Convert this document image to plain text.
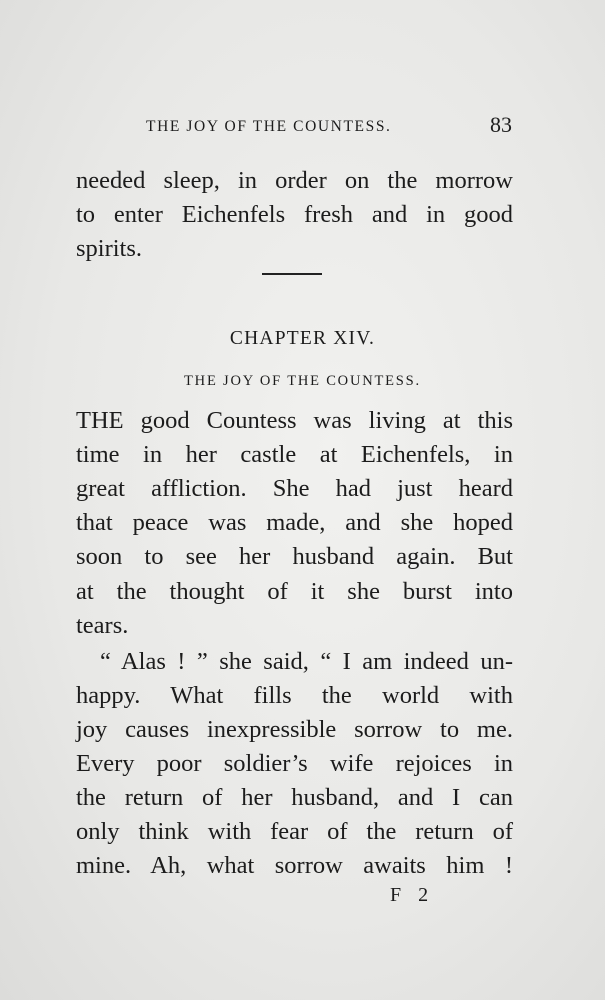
THE JOY OF THE COUNTESS.	83

needed sleep, in order on the morrow

to enter Eichenfels fresh and in good

spirits.

CHAPTER XIV.
THE JOY OF THE COUNTESS.

THE good Countess was living at this

time in her castle at Eichenfels, in

great affliction. She had just heard

that peace was made, and she hoped

soon to see her husband again. But

at the thought of it she burst into

tears.

“ Alas ! ” she said, “ I am indeed un-

happy. What fills the world with

joy causes inexpressible sorrow to me.

Every poor soldier’s wife rejoices in

the return of her husband, and I can

only think with fear of the return of

mine. Ah, what sorrow awaits him !

F 2
